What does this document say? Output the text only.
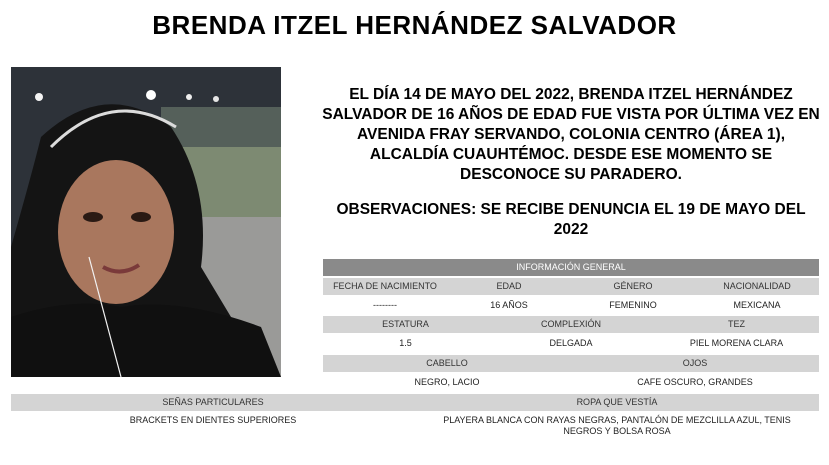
BRENDA ITZEL HERNÁNDEZ SALVADOR
EL DÍA 14 DE MAYO DEL 2022, BRENDA ITZEL HERNÁNDEZ SALVADOR DE 16 AÑOS DE EDAD FUE VISTA POR ÚLTIMA VEZ EN AVENIDA FRAY SERVANDO, COLONIA CENTRO (ÁREA 1), ALCALDÍA CUAUHTÉMOC. DESDE ESE MOMENTO SE DESCONOCE SU PARADERO.
OBSERVACIONES: SE RECIBE DENUNCIA EL 19 DE MAYO DEL 2022
INFORMACIÓN GENERAL
FECHA DE NACIMIENTO	EDAD	GÉNERO	NACIONALIDAD
--------	16 AÑOS	FEMENINO	MEXICANA
ESTATURA	COMPLEXIÓN	TEZ
1.5	DELGADA	PIEL MORENA CLARA
CABELLO	OJOS
NEGRO, LACIO	CAFE OSCURO, GRANDES
SEÑAS PARTICULARES	ROPA QUE VESTÍA
BRACKETS EN DIENTES SUPERIORES	PLAYERA BLANCA CON RAYAS NEGRAS, PANTALÓN DE MEZCLILLA AZUL, TENIS NEGROS Y BOLSA ROSA
